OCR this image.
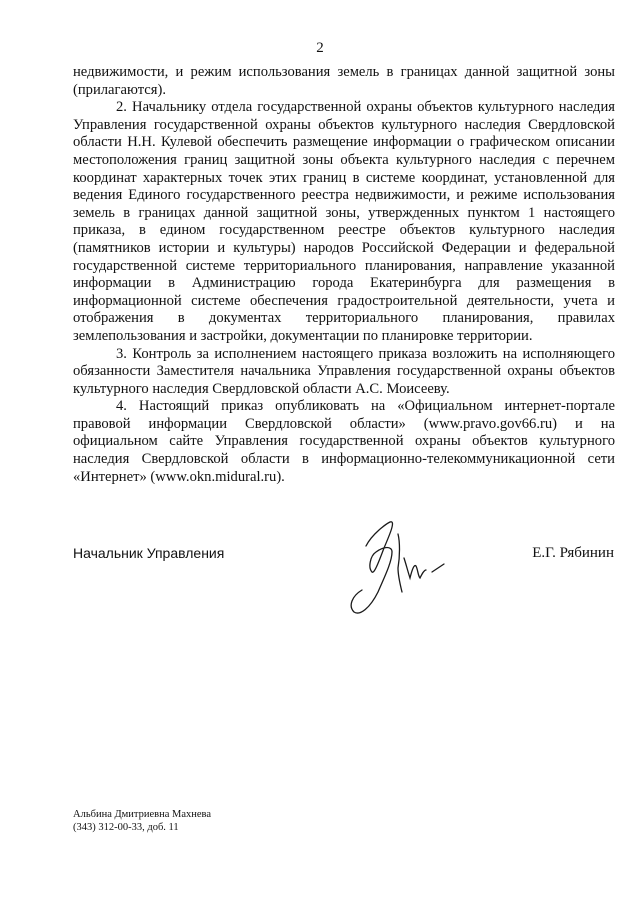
2

недвижимости, и режим использования земель в границах данной защитной зоны (прилагаются).

2. Начальнику отдела государственной охраны объектов культурного наследия Управления государственной охраны объектов культурного наследия Свердловской области Н.Н. Кулевой обеспечить размещение информации о графическом описании местоположения границ защитной зоны объекта культурного наследия с перечнем координат характерных точек этих границ в системе координат, установленной для ведения Единого государственного реестра недвижимости, и режиме использования земель в границах данной защитной зоны, утвержденных пунктом 1 настоящего приказа, в едином государственном реестре объектов культурного наследия (памятников истории и культуры) народов Российской Федерации и федеральной государственной системе территориального планирования, направление указанной информации в Администрацию города Екатеринбурга для размещения в информационной системе обеспечения градостроительной деятельности, учета и отображения в документах территориального планирования, правилах землепользования и застройки, документации по планировке территории.

3. Контроль за исполнением настоящего приказа возложить на исполняющего обязанности Заместителя начальника Управления государственной охраны объектов культурного наследия Свердловской области А.С. Моисееву.

4. Настоящий приказ опубликовать на «Официальном интернет-портале правовой информации Свердловской области» (www.pravo.gov66.ru) и на официальном сайте Управления государственной охраны объектов культурного наследия Свердловской области в информационно-телекоммуникационной сети «Интернет» (www.okn.midural.ru).

Начальник Управления	Е.Г. Рябинин
Альбина Дмитриевна Махнева
(343) 312-00-33, доб. 11
